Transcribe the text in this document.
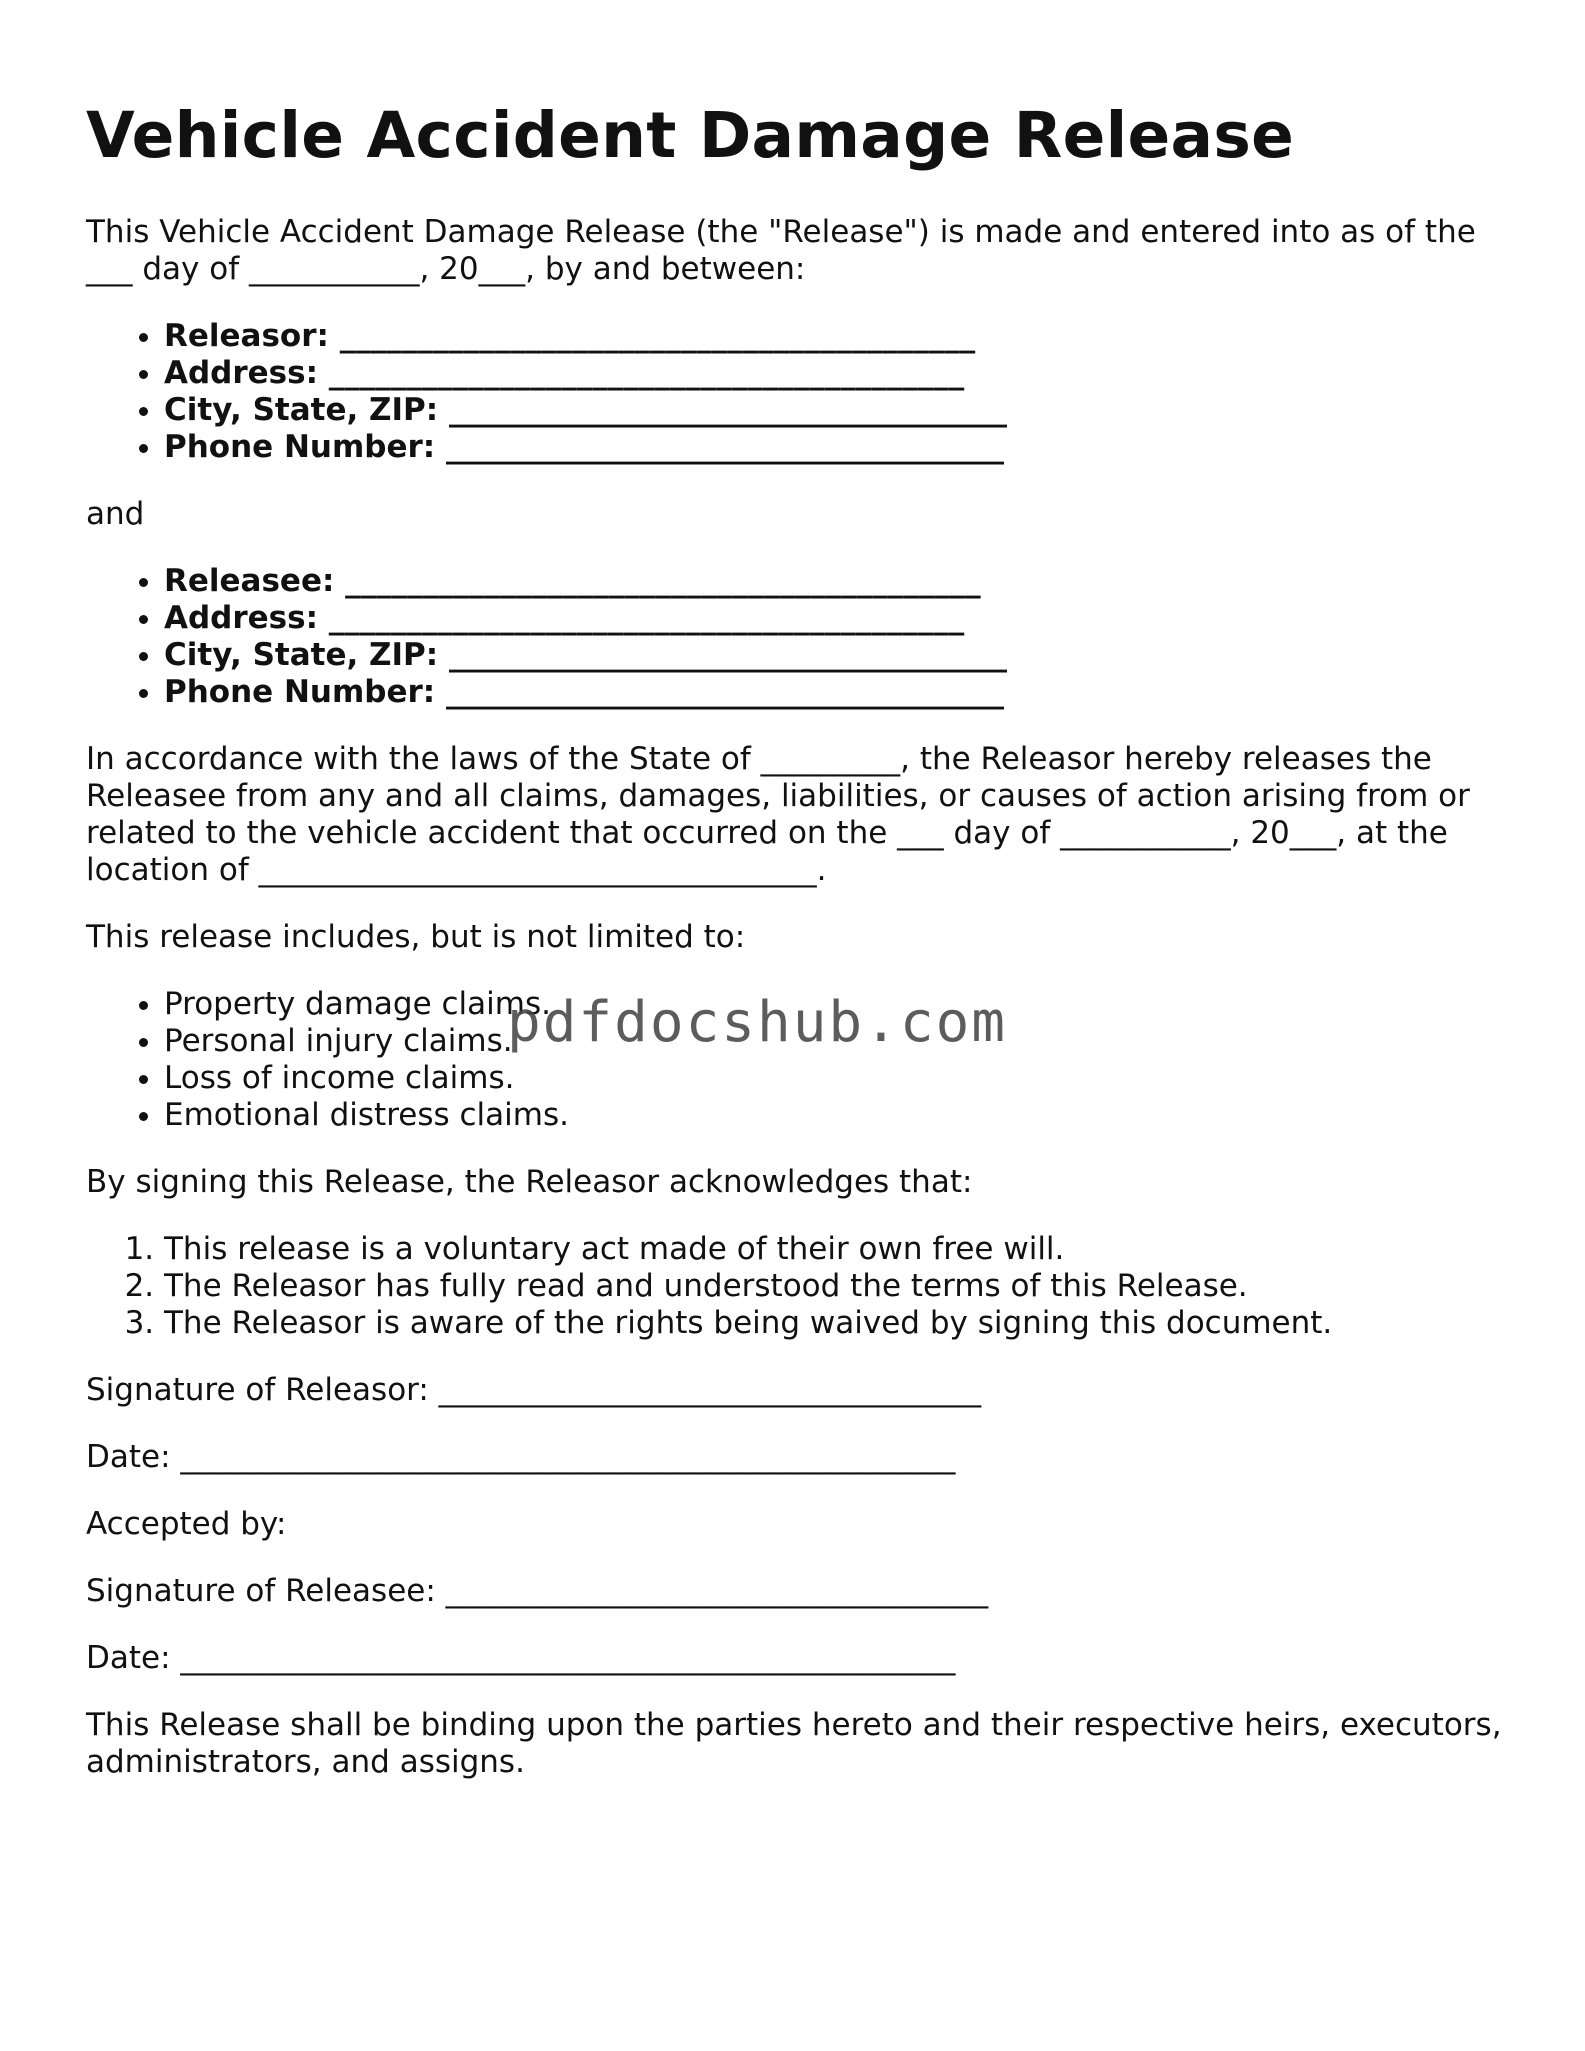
Vehicle Accident Damage Release

This Vehicle Accident Damage Release (the "Release") is made and entered into as of the ___ day of ___________, 20___, by and between:

• Releasor: _________________________________________
• Address: _________________________________________
• City, State, ZIP: ____________________________________
• Phone Number: ____________________________________

and

• Releasee: _________________________________________
• Address: _________________________________________
• City, State, ZIP: ____________________________________
• Phone Number: ____________________________________

In accordance with the laws of the State of _________, the Releasor hereby releases the Releasee from any and all claims, damages, liabilities, or causes of action arising from or related to the vehicle accident that occurred on the ___ day of ___________, 20___, at the location of ____________________________________.

This release includes, but is not limited to:

• Property damage claims.
• Personal injury claims.
• Loss of income claims.
• Emotional distress claims.

By signing this Release, the Releasor acknowledges that:

1. This release is a voluntary act made of their own free will.
2. The Releasor has fully read and understood the terms of this Release.
3. The Releasor is aware of the rights being waived by signing this document.

Signature of Releasor: ___________________________________

Date: __________________________________________________

Accepted by:

Signature of Releasee: ___________________________________

Date: __________________________________________________

This Release shall be binding upon the parties hereto and their respective heirs, executors, administrators, and assigns.

pdfdocshub.com
